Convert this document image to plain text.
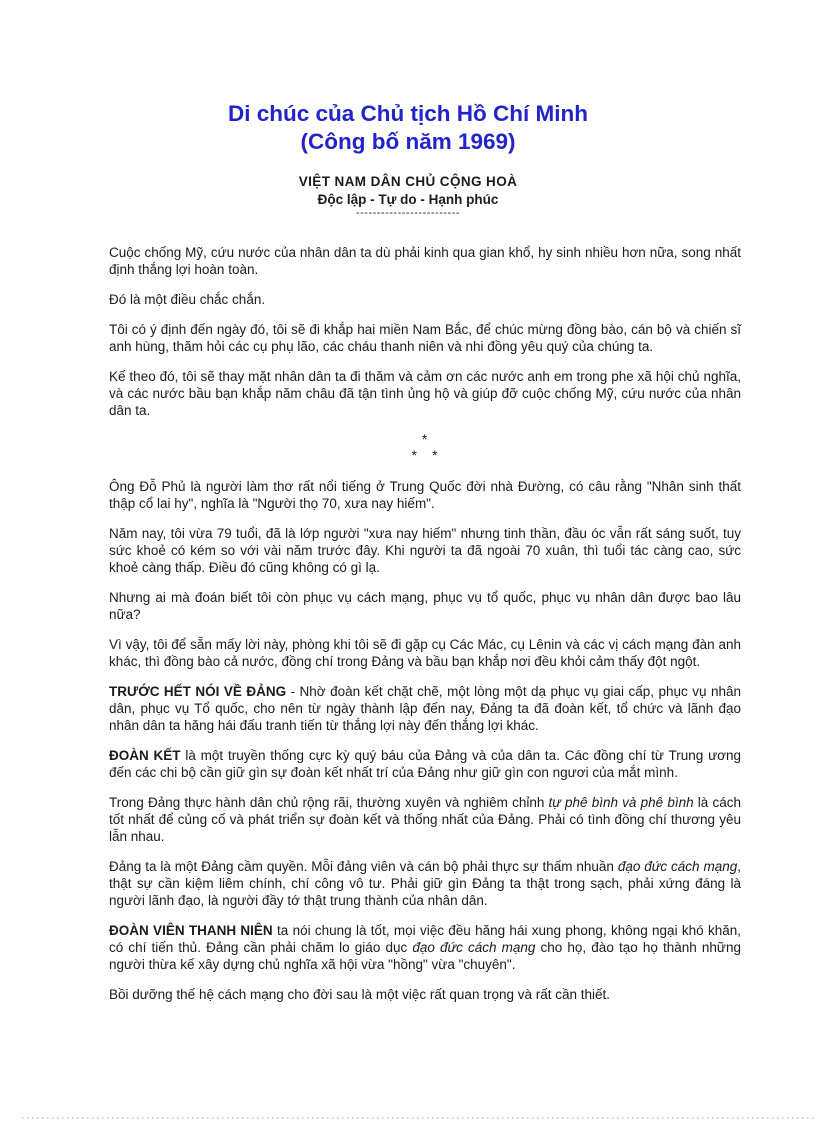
Di chúc của Chủ tịch Hồ Chí Minh
(Công bố năm 1969)
VIỆT NAM DÂN CHỦ CỘNG HOÀ
Độc lập - Tự do - Hạnh phúc
-------------------------

Cuộc chống Mỹ, cứu nước của nhân dân ta dù phải kinh qua gian khổ, hy sinh nhiều hơn nữa, song nhất định thắng lợi hoàn toàn.

Đó là một điều chắc chắn.

Tôi có ý định đến ngày đó, tôi sẽ đi khắp hai miền Nam Bắc, để chúc mừng đồng bào, cán bộ và chiến sĩ anh hùng, thăm hỏi các cụ phụ lão, các cháu thanh niên và nhi đồng yêu quý của chúng ta.

Kế theo đó, tôi sẽ thay mặt nhân dân ta đi thăm và cảm ơn các nước anh em trong phe xã hội chủ nghĩa, và các nước bầu bạn khắp năm châu đã tận tình ủng hộ và giúp đỡ cuộc chống Mỹ, cứu nước của nhân dân ta.

*
*   *

Ông Đỗ Phủ là người làm thơ rất nổi tiếng ở Trung Quốc đời nhà Đường, có câu rằng "Nhân sinh thất thập cổ lai hy", nghĩa là "Người thọ 70, xưa nay hiếm".

Năm nay, tôi vừa 79 tuổi, đã là lớp người "xưa nay hiếm" nhưng tinh thần, đầu óc vẫn rất sáng suốt, tuy sức khoẻ có kém so với vài năm trước đây. Khi người ta đã ngoài 70 xuân, thì tuổi tác càng cao, sức khoẻ càng thấp. Điều đó cũng không có gì lạ.

Nhưng ai mà đoán biết tôi còn phục vụ cách mạng, phục vụ tổ quốc, phục vụ nhân dân được bao lâu nữa?

Vì vậy, tôi để sẵn mấy lời này, phòng khi tôi sẽ đi gặp cụ Các Mác, cụ Lênin và các vị cách mạng đàn anh khác, thì đồng bào cả nước, đồng chí trong Đảng và bầu bạn khắp nơi đều khỏi cảm thấy đột ngột.

TRƯỚC HẾT NÓI VỀ ĐẢNG - Nhờ đoàn kết chặt chẽ, một lòng một dạ phục vụ giai cấp, phục vụ nhân dân, phục vụ Tổ quốc, cho nên từ ngày thành lập đến nay, Đảng ta đã đoàn kết, tổ chức và lãnh đạo nhân dân ta hăng hái đấu tranh tiến từ thắng lợi này đến thắng lợi khác.

ĐOÀN KẾT là một truyền thống cực kỳ quý báu của Đảng và của dân ta. Các đồng chí từ Trung ương đến các chi bộ cần giữ gìn sự đoàn kết nhất trí của Đảng như giữ gìn con ngươi của mắt mình.

Trong Đảng thực hành dân chủ rộng rãi, thường xuyên và nghiêm chỉnh tự phê bình và phê bình là cách tốt nhất để củng cố và phát triển sự đoàn kết và thống nhất của Đảng. Phải có tình đồng chí thương yêu lẫn nhau.

Đảng ta là một Đảng cầm quyền. Mỗi đảng viên và cán bộ phải thực sự thấm nhuần đạo đức cách mạng, thật sự cần kiệm liêm chính, chí công vô tư. Phải giữ gìn Đảng ta thật trong sạch, phải xứng đáng là người lãnh đạo, là người đầy tớ thật trung thành của nhân dân.

ĐOÀN VIÊN THANH NIÊN ta nói chung là tốt, mọi việc đều hăng hái xung phong, không ngại khó khăn, có chí tiến thủ. Đảng cần phải chăm lo giáo dục đạo đức cách mạng cho họ, đào tạo họ thành những người thừa kế xây dựng chủ nghĩa xã hội vừa "hồng" vừa "chuyên".

Bồi dưỡng thế hệ cách mạng cho đời sau là một việc rất quan trọng và rất cần thiết.
